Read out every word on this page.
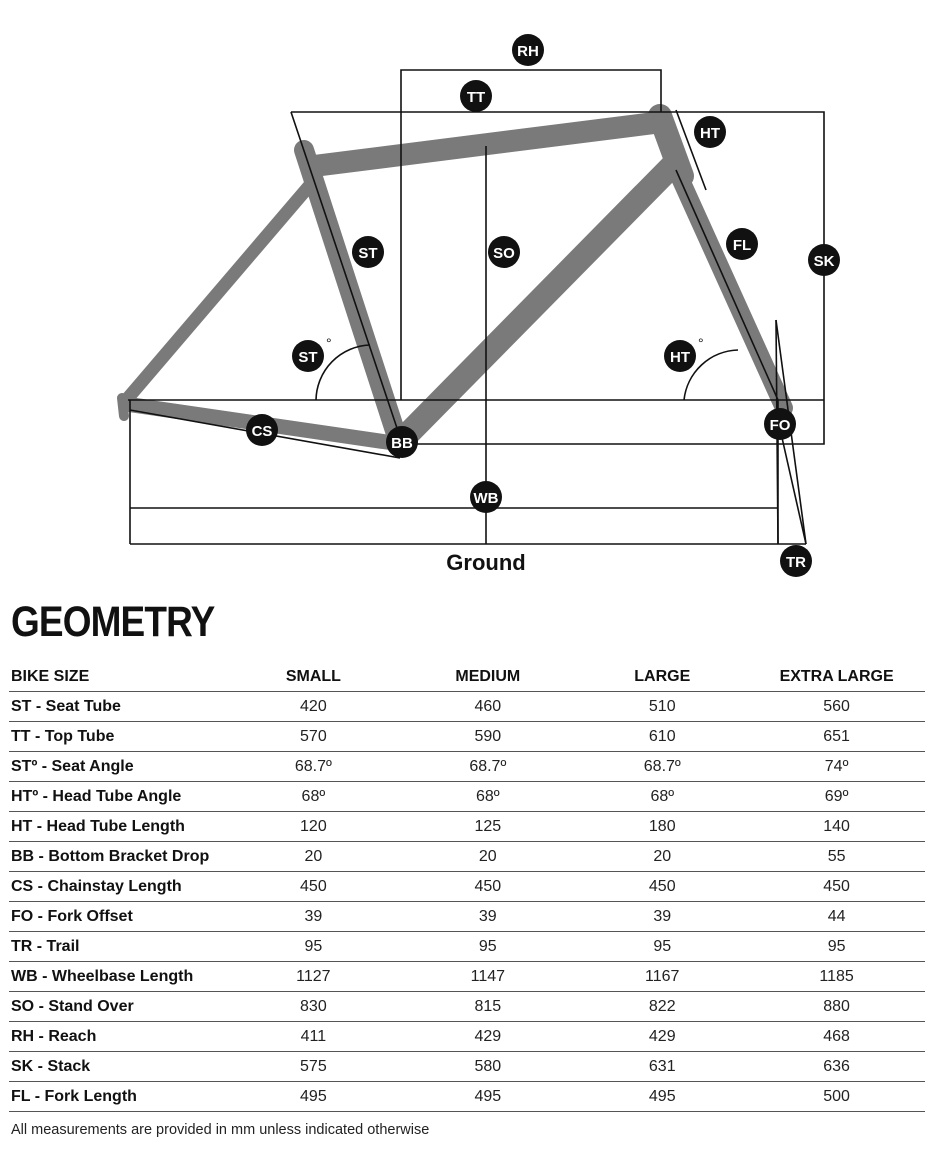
RH
TT
HT
ST	SO	FL
SK
ST
°
HT
°
CS
BB
FO
WB
TR
Ground
GEOMETRY
BIKE SIZE	SMALL	MEDIUM	LARGE	EXTRA LARGE
ST - Seat Tube	420	460	510	560
TT - Top Tube	570	590	610	651
STº - Seat Angle	68.7º	68.7º	68.7º	74º
HTº - Head Tube Angle	68º	68º	68º	69º
HT - Head Tube Length	120	125	180	140
BB - Bottom Bracket Drop	20	20	20	55
CS - Chainstay Length	450	450	450	450
FO - Fork Offset	39	39	39	44
TR - Trail	95	95	95	95
WB - Wheelbase Length	1127	1147	1167	1185
SO - Stand Over	830	815	822	880
RH - Reach	411	429	429	468
SK - Stack	575	580	631	636
FL - Fork Length	495	495	495	500
All measurements are provided in mm unless indicated otherwise
